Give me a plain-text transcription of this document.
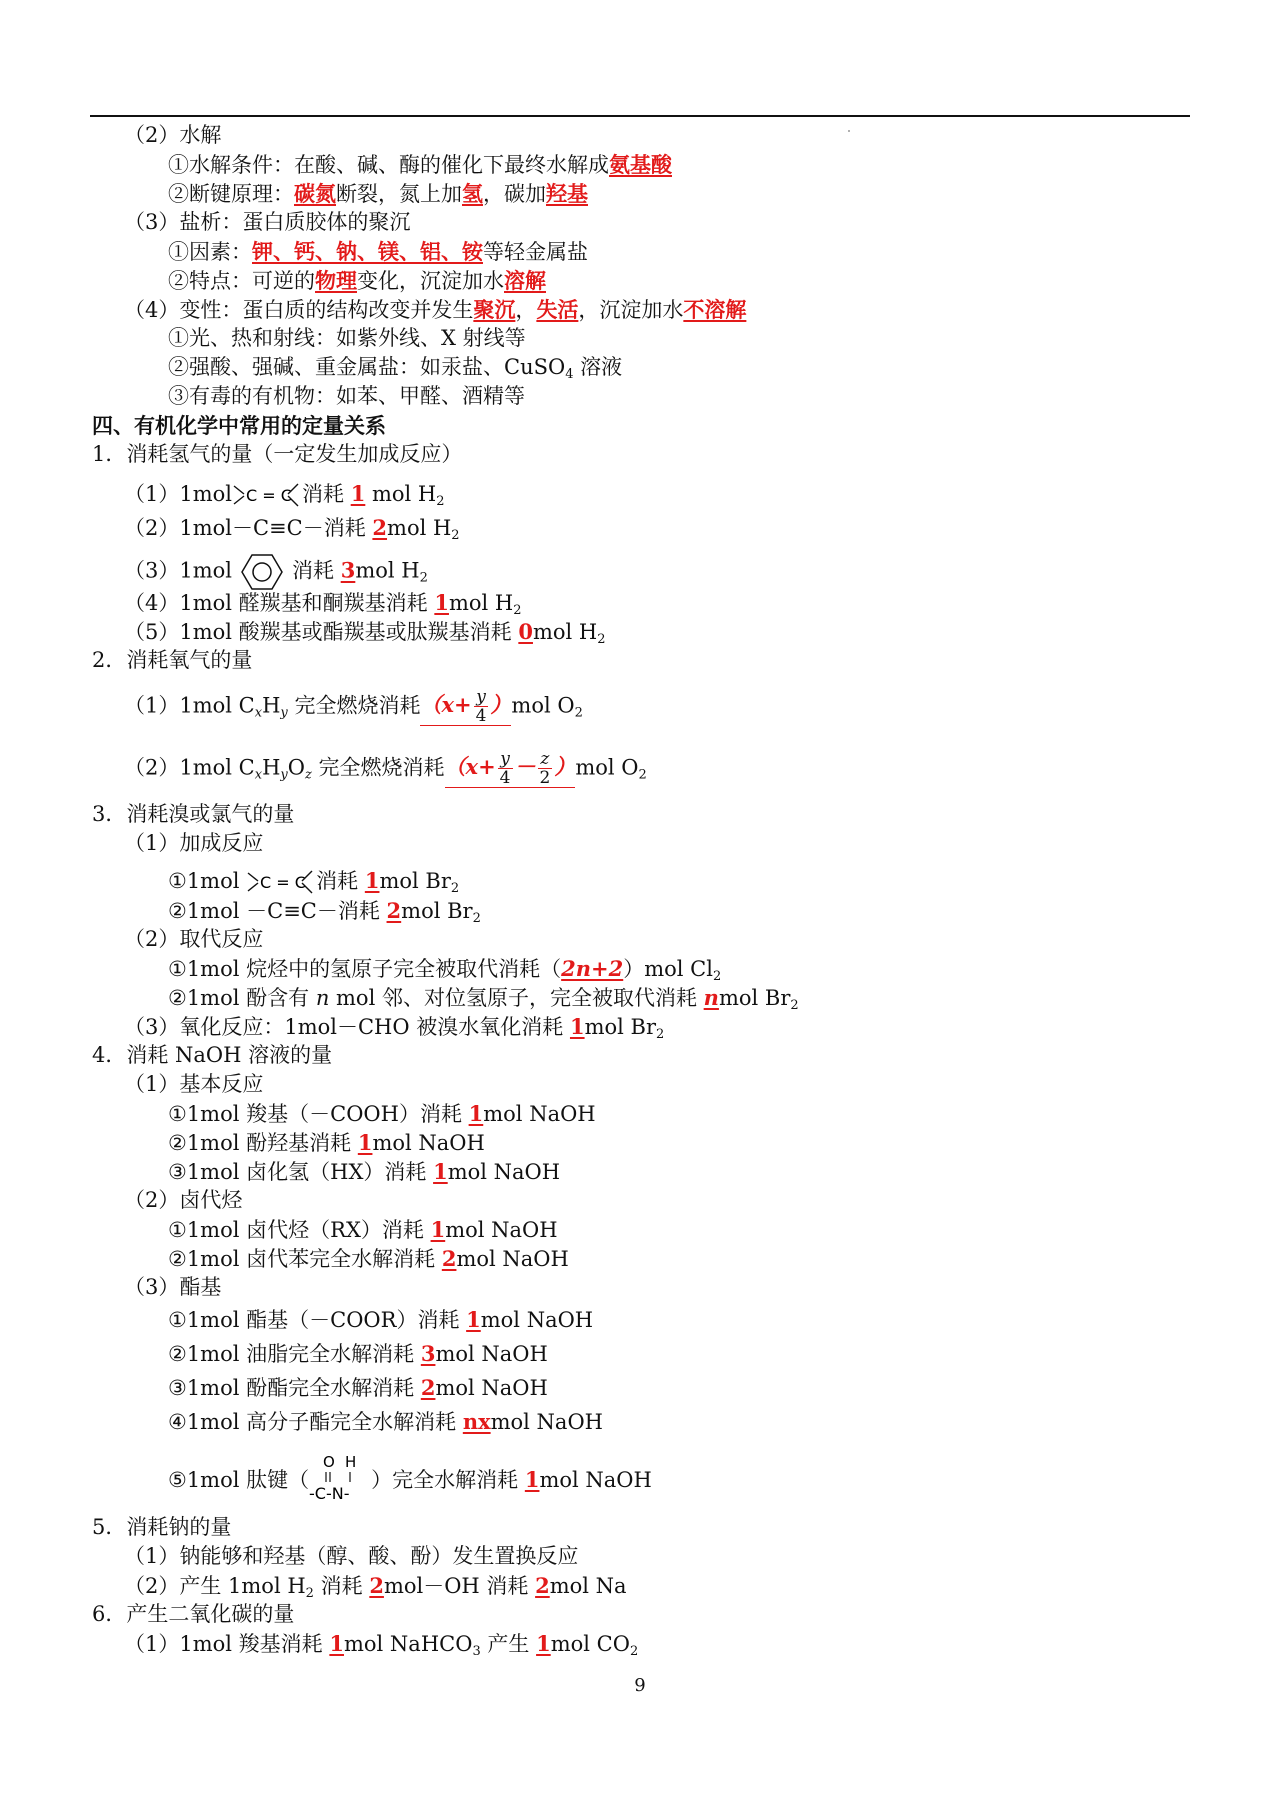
（2）水解
①水解条件：在酸、碱、酶的催化下最终水解成氨基酸
②断键原理：碳氮断裂，氮上加氢，碳加羟基
（3）盐析：蛋白质胶体的聚沉
①因素：钾、钙、钠、镁、铝、铵等轻金属盐
②特点：可逆的物理变化，沉淀加水溶解
（4）变性：蛋白质的结构改变并发生聚沉，失活，沉淀加水不溶解
①光、热和射线：如紫外线、X 射线等
②强酸、强碱、重金属盐：如汞盐、CuSO$_4$ 溶液
③有毒的有机物：如苯、甲醛、酒精等
四、有机化学中常用的定量关系
1．消耗氢气的量（一定发生加成反应）
（1）1mol C = C 消耗 1 mol $H_2$
（2）1mol－C≡C－消耗 2mol $H_2$
（3）1mol	消耗 3mol $H_2$
（4）1mol 醛羰基和酮羰基消耗 1mol $H_2$
（5）1mol 酸羰基或酯羰基或肽羰基消耗 0mol $H_2$
2．消耗氧气的量
（1）1mol $C_xH_y$ 完全燃烧消耗$(x+ \frac{y}{4} )mol$ $O_2$
（2）1mol $C_xH_yO_z$ 完全燃烧消耗$(x+ \frac{y}{4} - \frac{z}{2} )mol$ $O_2$
3．消耗溴或氯气的量
（1）加成反应
①1mol C = C 消耗 1mol $Br_2$
②1mol －C≡C－消耗 2mol $Br_2$
（2）取代反应
①1mol 烷烃中的氢原子完全被取代消耗（2n+2）mol $Cl_2$
②1mol 酚含有 n mol 邻、对位氢原子，完全被取代消耗 nmol $Br_2$
（3）氧化反应：1mol－CHO 被溴水氧化消耗 1mol $Br_2$
4．消耗 NaOH 溶液的量
（1）基本反应
①1mol 羧基（－COOH）消耗 1mol NaOH
②1mol 酚羟基消耗 1mol NaOH
③1mol 卤化氢（HX）消耗 1mol NaOH
（2）卤代烃
①1mol 卤代烃（RX）消耗 1mol NaOH
②1mol 卤代苯完全水解消耗 2mol NaOH
（3）酯基
①1mol 酯基（－COOR）消耗 1mol NaOH
②1mol 油脂完全水解消耗 3mol NaOH
③1mol 酚酯完全水解消耗 2mol NaOH
④1mol 高分子酯完全水解消耗 nxmol NaOH
⑤1mol 肽键（
O H
-C-N-
）完全水解消耗 1mol NaOH
5．消耗钠的量
（1）钠能够和羟基（醇、酸、酚）发生置换反应
（2）产生 1mol $H_2$ 消耗 2mol－OH 消耗 2mol Na
6．产生二氧化碳的量
（1）1mol 羧基消耗 1mol NaHCO$_3$ 产生 1mol $CO_2$
9
